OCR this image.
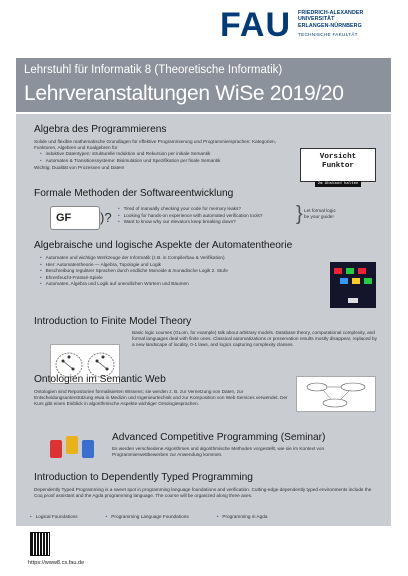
FAU FRIEDRICH-ALEXANDER
UNIVERSITÄT
ERLANGEN-NÜRNBERG
TECHNISCHE FAKULTÄT
Lehrstuhl für Informatik 8 (Theoretische Informatik)
Lehrveranstaltungen WiSe 2019/20
Algebra des Programmierens
Solide und flexible mathematische Grundlagen für effektive Programmierung und Programmiersprachen: Kategorien, Funktoren, Algebren und Koalgebren für
• induktive Datentypen: strukturelle Induktion und Rekursion per initiale Semantik
• Automaten & Transitionssysteme: Bisimulation und Spezifikation per finale Semantik
Wichtig: Dualität von Prozessen und Daten!
Vorsicht
Funktor
2m Abstand halten
Formale Methoden der Softwareentwicklung
GF )?
• Tired of manually checking your code for memory leaks?
• Looking for hands-on experience with automated verification tools?
• Want to know why our elevators keep breaking down?	} Let formal logic
be your guide!
Algebraische und logische Aspekte der Automatentheorie
• Automaten und wichtige Werkzeuge der Informatik (z.B. in Compilerbau & Verifikation)
• Hier: Automatentheorie — Algebra, Topologie und Logik
• Beschreibung regulärer Sprachen durch endliche Monoide & monadische Logik 2. Stufe
• Ehrenfeucht-Fraïssé-Spiele
• Automaten, Algebra und Logik auf unendlichen Wörtern und Bäumen
Introduction to Finite Model Theory
Basic logic courses (GLoIn, for example) talk about arbitrary models. Database theory, computational complexity, and formal languages deal with finite ones. Classical automatizations or preservation results mostly disappear, replaced by a new landscape of locality, 0-1 laws, and logics capturing complexity classes.
Ontologien im Semantic Web
Ontologien sind Repositorien formalisierten Wissens; sie werden z. B. zur Vernetzung von Daten, zur Entscheidungsunterstützung etwa in Medizin und Ingenieurtechnik und zur Komposition von Web Services verwendet. Der Kurs gibt einen Einblick in algorithmische Aspekte wichtiger Ontologiesprachen.
Advanced Competitive Programming (Seminar)
Es werden verschiedene Algorithmen und algorithmische Methoden vorgestellt, wie sie im Kontext von Programmierwettbewerben zur Anwendung kommen.
Introduction to Dependently Typed Programming
Dependently Typed Programming is a sweet spot in programming language foundations and verification. Cutting-edge dependently typed environments include the Coq proof assistant and the Agda programming language. The course will be organized along three axes.
• Logical Foundations	• Programming Language Foundations	• Programming in Agda
https://www8.cs.fau.de
